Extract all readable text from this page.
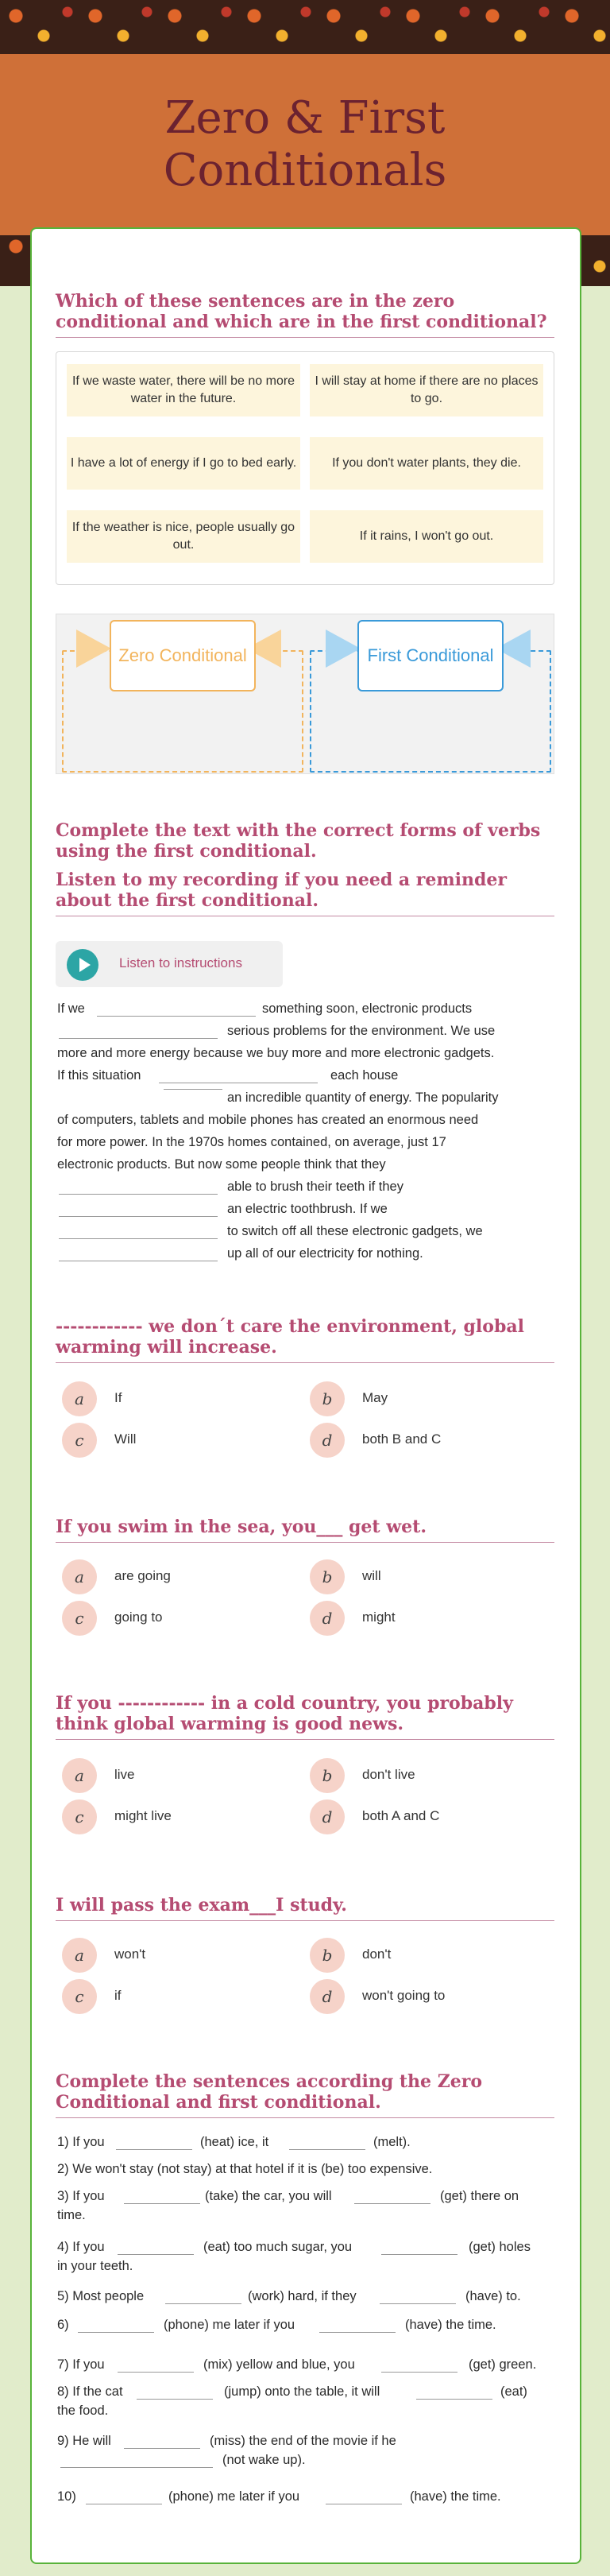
Zero & First Conditionals
Which of these sentences are in the zero conditional and which are in the first conditional?
If we waste water, there will be no more water in the future.
I will stay at home if there are no places to go.
I have a lot of energy if I go to bed early.	If you don't water plants, they die.
If the weather is nice, people usually go out.
If it rains, I won't go out.
Zero Conditional	First Conditional
Complete the text with the correct forms of verbs using the first conditional.
Listen to my recording if you need a reminder about the first conditional.
Listen to instructions
If we	something soon, electronic products
serious problems for the environment. We use
more and more energy because we buy more and more electronic gadgets.
If this situation	each house
an incredible quantity of energy. The popularity
of computers, tablets and mobile phones has created an enormous need
for more power. In the 1970s homes contained, on average, just 17
electronic products. But now some people think that they
able to brush their teeth if they
an electric toothbrush. If we
to switch off all these electronic gadgets, we
up all of our electricity for nothing.
------------ we don´t care the environment, global warming will increase.
a	If	b	May
c	Will	d	both B and C
If you swim in the sea, you___ get wet.
a	are going	b	will
c	going to	d	might
If you ------------ in a cold country, you probably think global warming is good news.
a	live	b	don't live
c	might live	d	both A and C
I will pass the exam___I study.
a	won't	b	don't
c	if	d	won't going to
Complete the sentences according the Zero Conditional and first conditional.
1) If you	(heat) ice, it	(melt).
2) We won't stay (not stay) at that hotel if it is (be) too expensive.
3) If you	(take) the car, you will	(get) there on
time.
4) If you	(eat) too much sugar, you	(get) holes
in your teeth.
5) Most people	(work) hard, if they	(have) to.
6)	(phone) me later if you	(have) the time.
7) If you	(mix) yellow and blue, you	(get) green.
8) If the cat	(jump) onto the table, it will	(eat)
the food.
9) He will	(miss) the end of the movie if he
(not wake up).
10)	(phone) me later if you	(have) the time.
